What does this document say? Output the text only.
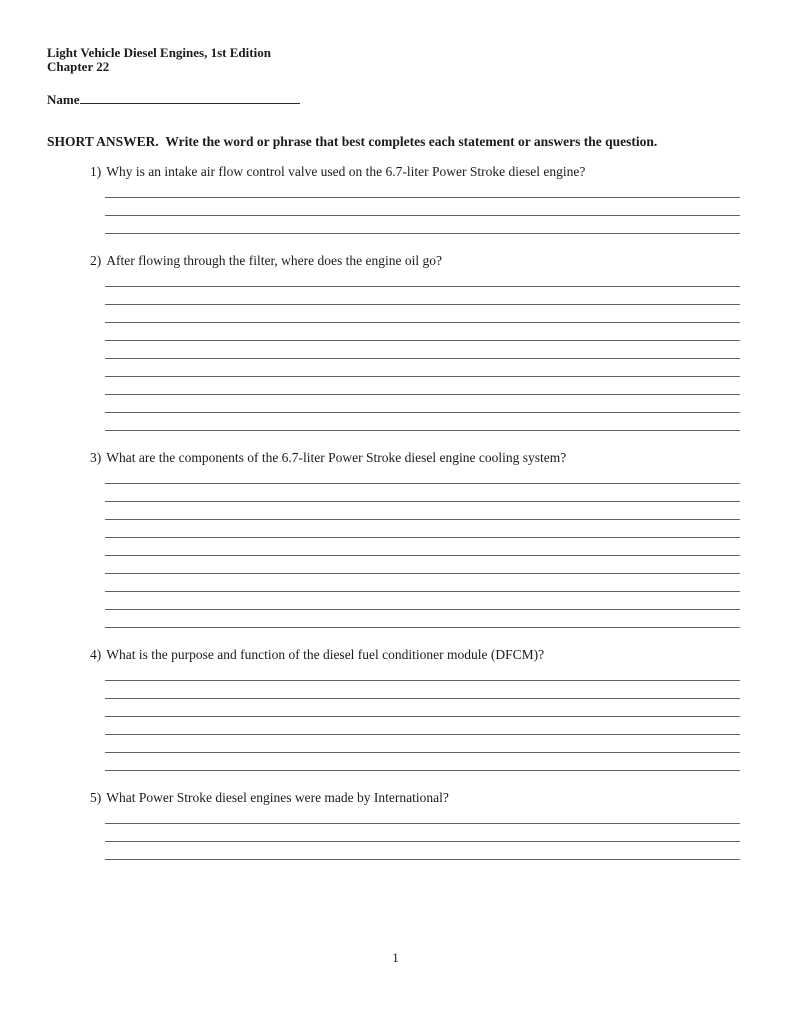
Light Vehicle Diesel Engines, 1st Edition
Chapter 22
Name
SHORT ANSWER.  Write the word or phrase that best completes each statement or answers the question.

1) Why is an intake air flow control valve used on the 6.7-liter Power Stroke diesel engine?

2) After flowing through the filter, where does the engine oil go?

3) What are the components of the 6.7-liter Power Stroke diesel engine cooling system?

4) What is the purpose and function of the diesel fuel conditioner module (DFCM)?

5) What Power Stroke diesel engines were made by International?

1
